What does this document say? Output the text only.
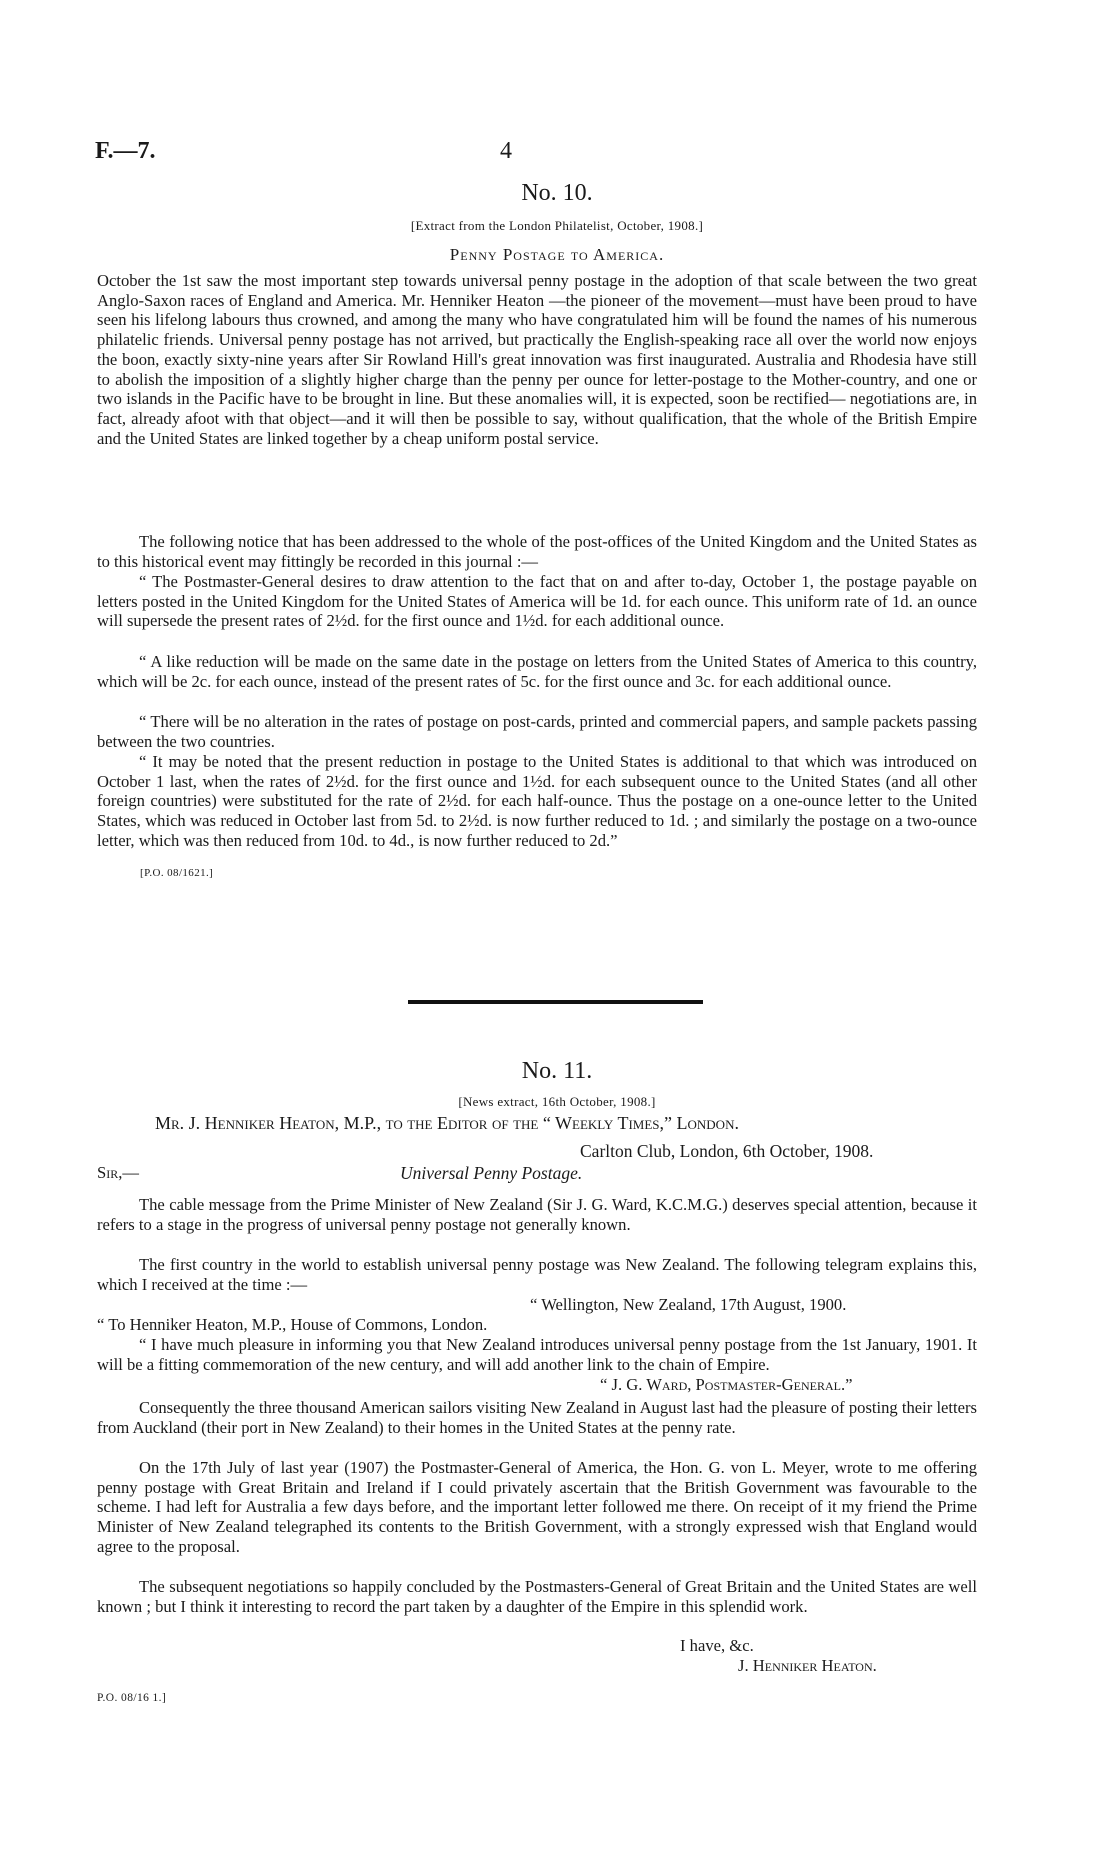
F.—7.	4
No. 10.
[Extract from the London Philatelist, October, 1908.]
Penny Postage to America.

October the 1st saw the most important step towards universal penny postage in the adoption of that scale between the two great Anglo-Saxon races of England and America. Mr. Henniker Heaton —the pioneer of the movement—must have been proud to have seen his lifelong labours thus crowned, and among the many who have congratulated him will be found the names of his numerous philatelic friends. Universal penny postage has not arrived, but practically the English-speaking race all over the world now enjoys the boon, exactly sixty-nine years after Sir Rowland Hill's great innovation was first inaugurated. Australia and Rhodesia have still to abolish the imposition of a slightly higher charge than the penny per ounce for letter-postage to the Mother-country, and one or two islands in the Pacific have to be brought in line. But these anomalies will, it is expected, soon be rectified— negotiations are, in fact, already afoot with that object—and it will then be possible to say, without qualification, that the whole of the British Empire and the United States are linked together by a cheap uniform postal service.

The following notice that has been addressed to the whole of the post-offices of the United Kingdom and the United States as to this historical event may fittingly be recorded in this journal :—

“ The Postmaster-General desires to draw attention to the fact that on and after to-day, October 1, the postage payable on letters posted in the United Kingdom for the United States of America will be 1d. for each ounce. This uniform rate of 1d. an ounce will supersede the present rates of 2½d. for the first ounce and 1½d. for each additional ounce.

“ A like reduction will be made on the same date in the postage on letters from the United States of America to this country, which will be 2c. for each ounce, instead of the present rates of 5c. for the first ounce and 3c. for each additional ounce.

“ There will be no alteration in the rates of postage on post-cards, printed and commercial papers, and sample packets passing between the two countries.

“ It may be noted that the present reduction in postage to the United States is additional to that which was introduced on October 1 last, when the rates of 2½d. for the first ounce and 1½d. for each subsequent ounce to the United States (and all other foreign countries) were substituted for the rate of 2½d. for each half-ounce. Thus the postage on a one-ounce letter to the United States, which was reduced in October last from 5d. to 2½d. is now further reduced to 1d. ; and similarly the postage on a two-ounce letter, which was then reduced from 10d. to 4d., is now further reduced to 2d.”

[P.O. 08/1621.]
No. 11.
[News extract, 16th October, 1908.]
Mr. J. Henniker Heaton, M.P., to the Editor of the “ Weekly Times,” London.
Carlton Club, London, 6th October, 1908.
Sir,—	Universal Penny Postage.

The cable message from the Prime Minister of New Zealand (Sir J. G. Ward, K.C.M.G.) deserves special attention, because it refers to a stage in the progress of universal penny postage not generally known.

The first country in the world to establish universal penny postage was New Zealand. The following telegram explains this, which I received at the time :—

“ Wellington, New Zealand, 17th August, 1900.
“ To Henniker Heaton, M.P., House of Commons, London.

“ I have much pleasure in informing you that New Zealand introduces universal penny postage from the 1st January, 1901. It will be a fitting commemoration of the new century, and will add another link to the chain of Empire.

“ J. G. Ward, Postmaster-General.”

Consequently the three thousand American sailors visiting New Zealand in August last had the pleasure of posting their letters from Auckland (their port in New Zealand) to their homes in the United States at the penny rate.

On the 17th July of last year (1907) the Postmaster-General of America, the Hon. G. von L. Meyer, wrote to me offering penny postage with Great Britain and Ireland if I could privately ascertain that the British Government was favourable to the scheme. I had left for Australia a few days before, and the important letter followed me there. On receipt of it my friend the Prime Minister of New Zealand telegraphed its contents to the British Government, with a strongly expressed wish that England would agree to the proposal.

The subsequent negotiations so happily concluded by the Postmasters-General of Great Britain and the United States are well known ; but I think it interesting to record the part taken by a daughter of the Empire in this splendid work.

I have, &c.
J. Henniker Heaton.
P.O. 08/16 1.]
